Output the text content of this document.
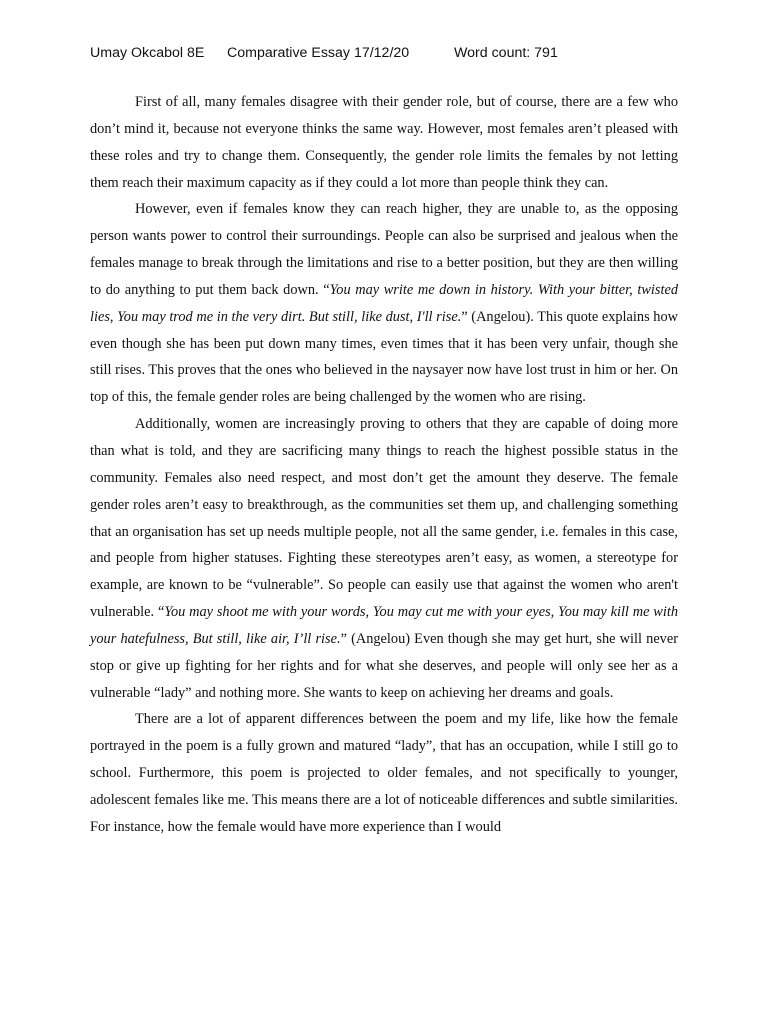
Umay Okcabol 8E Comparative Essay 17/12/20	Word count: 791

First of all, many females disagree with their gender role, but of course, there are a few who don’t mind it, because not everyone thinks the same way. However, most females aren’t pleased with these roles and try to change them. Consequently, the gender role limits the females by not letting them reach their maximum capacity as if they could a lot more than people think they can.

However, even if females know they can reach higher, they are unable to, as the opposing person wants power to control their surroundings. People can also be surprised and jealous when the females manage to break through the limitations and rise to a better position, but they are then willing to do anything to put them back down. “You may write me down in history. With your bitter, twisted lies, You may trod me in the very dirt. But still, like dust, I'll rise.” (Angelou). This quote explains how even though she has been put down many times, even times that it has been very unfair, though she still rises. This proves that the ones who believed in the naysayer now have lost trust in him or her. On top of this, the female gender roles are being challenged by the women who are rising.

Additionally, women are increasingly proving to others that they are capable of doing more than what is told, and they are sacrificing many things to reach the highest possible status in the community. Females also need respect, and most don’t get the amount they deserve. The female gender roles aren’t easy to breakthrough, as the communities set them up, and challenging something that an organisation has set up needs multiple people, not all the same gender, i.e. females in this case, and people from higher statuses. Fighting these stereotypes aren’t easy, as women, a stereotype for example, are known to be “vulnerable”. So people can easily use that against the women who aren't vulnerable. “You may shoot me with your words, You may cut me with your eyes, You may kill me with your hatefulness, But still, like air, I’ll rise.” (Angelou) Even though she may get hurt, she will never stop or give up fighting for her rights and for what she deserves, and people will only see her as a vulnerable “lady” and nothing more. She wants to keep on achieving her dreams and goals.

There are a lot of apparent differences between the poem and my life, like how the female portrayed in the poem is a fully grown and matured “lady”, that has an occupation, while I still go to school. Furthermore, this poem is projected to older females, and not specifically to younger, adolescent females like me. This means there are a lot of noticeable differences and subtle similarities. For instance, how the female would have more experience than I would
